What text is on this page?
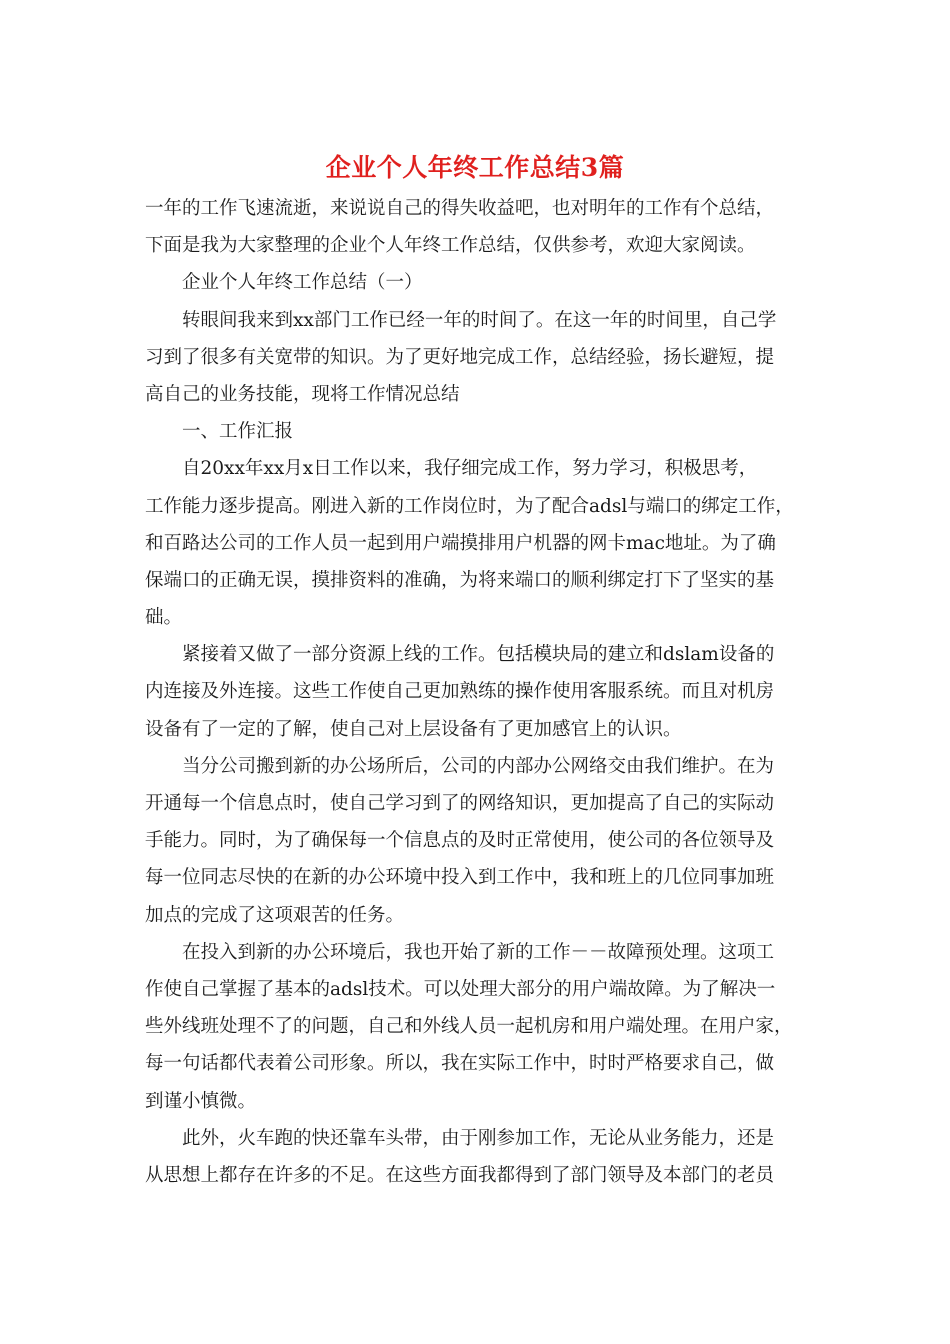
企业个人年终工作总结3篇
一年的工作飞速流逝，来说说自己的得失收益吧，也对明年的工作有个总结，
下面是我为大家整理的企业个人年终工作总结，仅供参考，欢迎大家阅读。
企业个人年终工作总结（一）
转眼间我来到xx部门工作已经一年的时间了。在这一年的时间里，自己学
习到了很多有关宽带的知识。为了更好地完成工作，总结经验，扬长避短，提
高自己的业务技能，现将工作情况总结
一、工作汇报
自20xx年xx月x日工作以来，我仔细完成工作，努力学习，积极思考，
工作能力逐步提高。刚进入新的工作岗位时，为了配合adsl与端口的绑定工作，
和百路达公司的工作人员一起到用户端摸排用户机器的网卡mac地址。为了确
保端口的正确无误，摸排资料的准确，为将来端口的顺利绑定打下了坚实的基
础。
紧接着又做了一部分资源上线的工作。包括模块局的建立和dslam设备的
内连接及外连接。这些工作使自己更加熟练的操作使用客服系统。而且对机房
设备有了一定的了解，使自己对上层设备有了更加感官上的认识。
当分公司搬到新的办公场所后，公司的内部办公网络交由我们维护。在为
开通每一个信息点时，使自己学习到了的网络知识，更加提高了自己的实际动
手能力。同时，为了确保每一个信息点的及时正常使用，使公司的各位领导及
每一位同志尽快的在新的办公环境中投入到工作中，我和班上的几位同事加班
加点的完成了这项艰苦的任务。
在投入到新的办公环境后，我也开始了新的工作－－故障预处理。这项工
作使自己掌握了基本的adsl技术。可以处理大部分的用户端故障。为了解决一
些外线班处理不了的问题，自己和外线人员一起机房和用户端处理。在用户家，
每一句话都代表着公司形象。所以，我在实际工作中，时时严格要求自己，做
到谨小慎微。
此外，火车跑的快还靠车头带，由于刚参加工作，无论从业务能力，还是
从思想上都存在许多的不足。在这些方面我都得到了部门领导及本部门的老员
